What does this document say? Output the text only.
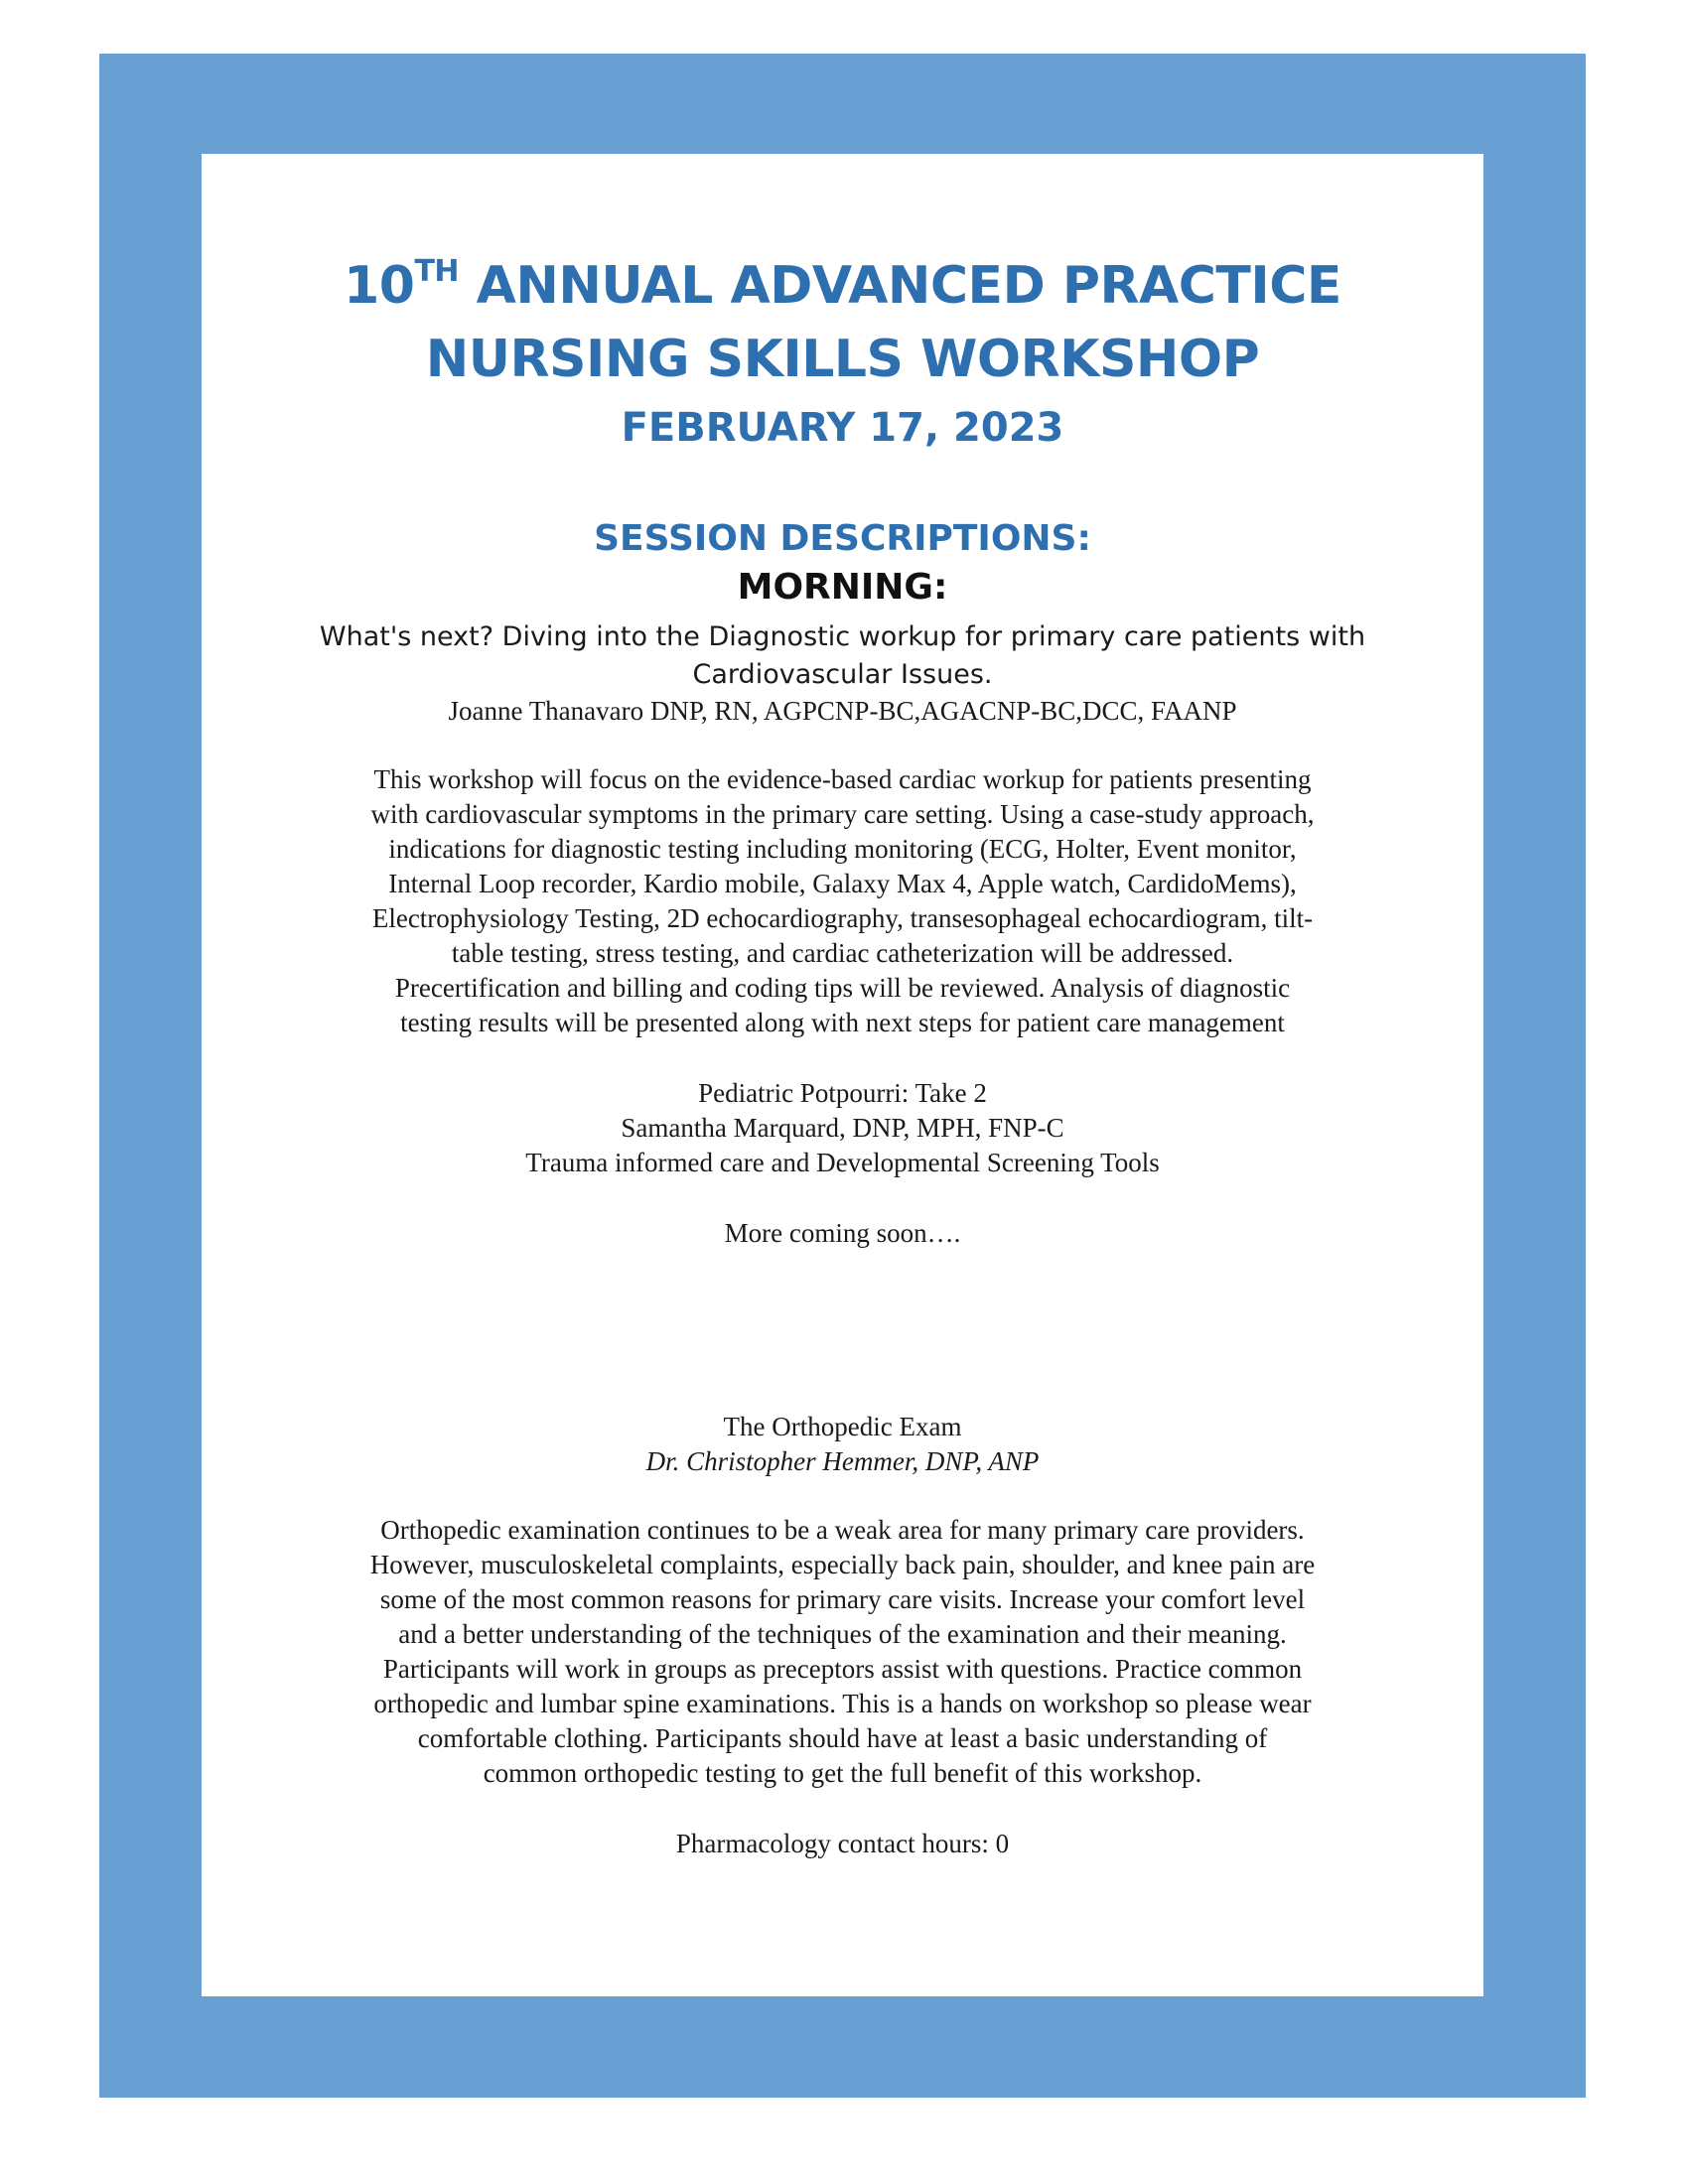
10TH ANNUAL ADVANCED PRACTICE
NURSING SKILLS WORKSHOP
FEBRUARY 17, 2023
SESSION DESCRIPTIONS:
MORNING:
What's next? Diving into the Diagnostic workup for primary care patients with
Cardiovascular Issues.
Joanne Thanavaro DNP, RN, AGPCNP-BC,AGACNP-BC,DCC, FAANP
This workshop will focus on the evidence-based cardiac workup for patients presenting
with cardiovascular symptoms in the primary care setting. Using a case-study approach,
indications for diagnostic testing including monitoring (ECG, Holter, Event monitor,
Internal Loop recorder, Kardio mobile, Galaxy Max 4, Apple watch, CardidoMems),
Electrophysiology Testing, 2D echocardiography, transesophageal echocardiogram, tilt-
table testing, stress testing, and cardiac catheterization will be addressed.
Precertification and billing and coding tips will be reviewed. Analysis of diagnostic
testing results will be presented along with next steps for patient care management
Pediatric Potpourri: Take 2
Samantha Marquard, DNP, MPH, FNP-C
Trauma informed care and Developmental Screening Tools
More coming soon….
The Orthopedic Exam
Dr. Christopher Hemmer, DNP, ANP
Orthopedic examination continues to be a weak area for many primary care providers.
However, musculoskeletal complaints, especially back pain, shoulder, and knee pain are
some of the most common reasons for primary care visits. Increase your comfort level
and a better understanding of the techniques of the examination and their meaning.
Participants will work in groups as preceptors assist with questions. Practice common
orthopedic and lumbar spine examinations. This is a hands on workshop so please wear
comfortable clothing. Participants should have at least a basic understanding of
common orthopedic testing to get the full benefit of this workshop.
Pharmacology contact hours: 0
